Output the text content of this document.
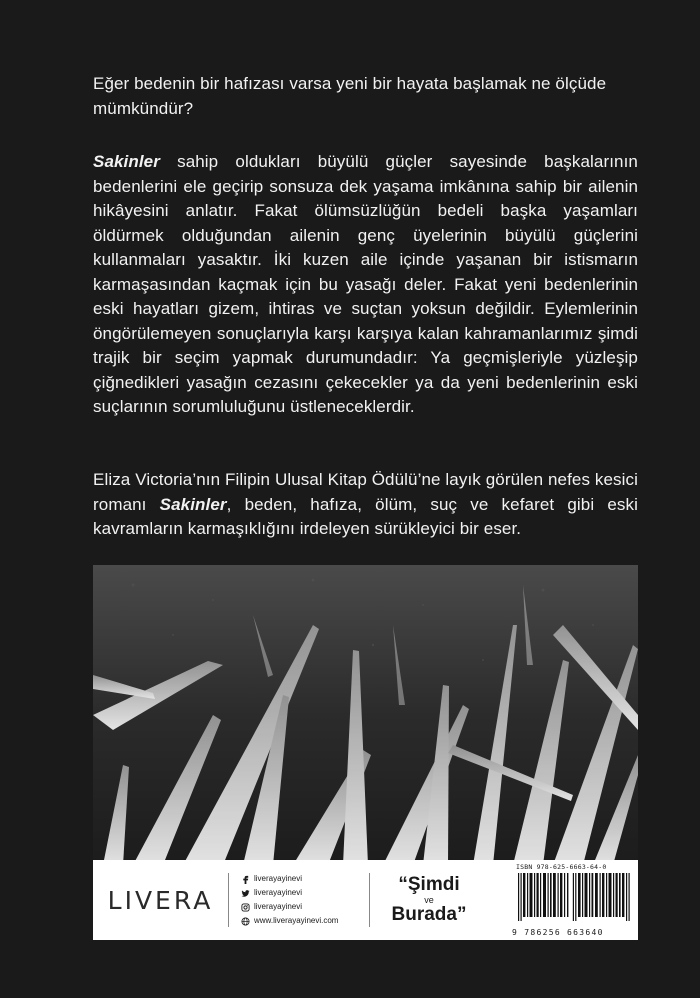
Eğer bedenin bir hafızası varsa yeni bir hayata başlamak ne ölçüde mümkündür?
Sakinler sahip oldukları büyülü güçler sayesinde başkalarının bedenlerini ele geçirip sonsuza dek yaşama imkânına sahip bir ailenin hikâyesini anlatır. Fakat ölümsüzlüğün bedeli başka yaşamları öldürmek olduğundan ailenin genç üyelerinin büyülü güçlerini kullanmaları yasaktır. İki kuzen aile içinde yaşanan bir istismarın karmaşasından kaçmak için bu yasağı deler. Fakat yeni bedenlerinin eski hayatları gizem, ihtiras ve suçtan yoksun değildir. Eylemlerinin öngörülemeyen sonuçlarıyla karşı karşıya kalan kahramanlarımız şimdi trajik bir seçim yapmak durumundadır: Ya geçmişleriyle yüzleşip çiğnedikleri yasağın cezasını çekecekler ya da yeni bedenlerinin eski suçlarının sorumluluğunu üstleneceklerdir.
Eliza Victoria’nın Filipin Ulusal Kitap Ödülü’ne layık görülen nefes kesici romanı Sakinler, beden, hafıza, ölüm, suç ve kefaret gibi eski kavramların karmaşıklığını irdeleyen sürükleyici bir eser.
LIVERA
liverayayinevi
liverayayinevi
liverayayinevi
www.liverayayinevi.com
“Şimdi
ve
Burada”
ISBN 978-625-6663-64-0
9 786256 663640
